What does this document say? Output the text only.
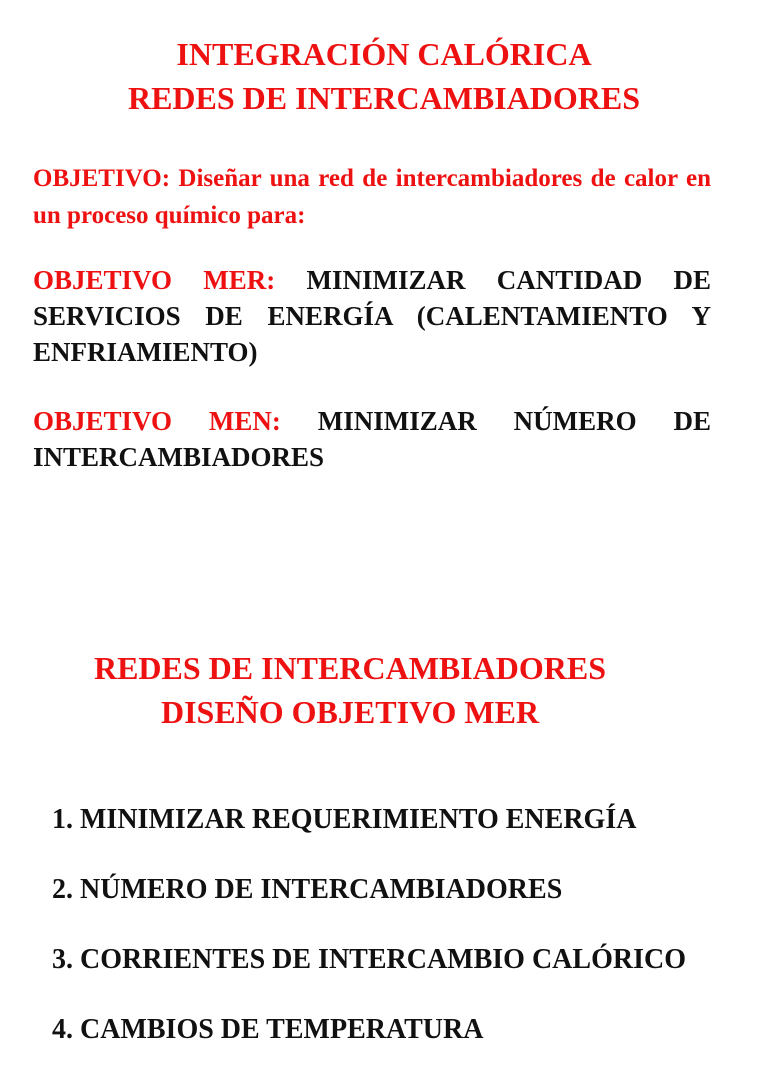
INTEGRACIÓN CALÓRICA
REDES DE INTERCAMBIADORES
OBJETIVO: Diseñar una red de intercambiadores de calor en un proceso químico para:
OBJETIVO MER: MINIMIZAR CANTIDAD DE SERVICIOS DE ENERGÍA (CALENTAMIENTO Y ENFRIAMIENTO)
OBJETIVO MEN: MINIMIZAR NÚMERO DE INTERCAMBIADORES
REDES DE INTERCAMBIADORES
DISEÑO OBJETIVO MER
1. MINIMIZAR REQUERIMIENTO ENERGÍA
2. NÚMERO DE INTERCAMBIADORES
3. CORRIENTES DE INTERCAMBIO CALÓRICO
4. CAMBIOS DE TEMPERATURA
